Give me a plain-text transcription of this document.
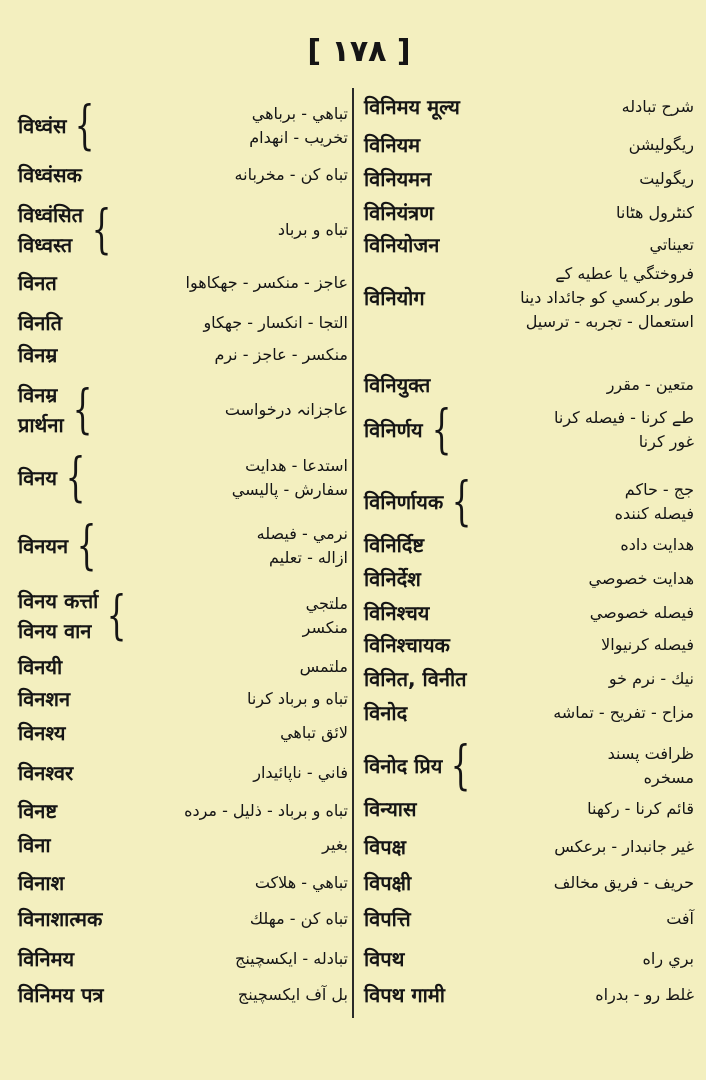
[ ۱۷۸ ]
विध्वंस {	تباهي - برباهي
تخريب - انهدام
विध्वंसक	تباه كن - مخربانه
विध्वंसित
विध्वस्त {	تباه و برباد
विनत	عاجز - منكسر - جهكاهوا
विनति	التجا - انكسار - جهكاو
विनम्र	منكسر - عاجز - نرم
विनम्र
प्रार्थना {	عاجزانہ درخواست
विनय {	استدعا - هدايت
سفارش - پاليسي
विनयन {	نرمي - فيصله
ازاله - تعليم
विनय कर्त्ता
विनय वान {	ملتجي
منكسر
विनयी	ملتمس
विनशन	تباه و برباد كرنا
विनश्य	لائق تباهي
विनश्वर	فاني - ناپائيدار
विनष्ट	تباه و برباد - ذليل - مرده
विना	بغير
विनाश	تباهي - هلاكت
विनाशात्मक	تباه كن - مهلك
विनिमय	تبادله - ايكسچينج
विनिमय पत्र	بل آف ايكسچينج
विनिमय मूल्य	شرح تبادله
विनियम	ريگوليشن
विनियमन	ريگوليت
विनियंत्रण	كنٹرول هٹانا
विनियोजन	تعيناتي
विनियोग
فروختگي يا عطيه كے
طور بركسي كو جائداد دينا
استعمال - تجربه - ترسيل
विनियुक्त	متعين - مقرر
विनिर्णय {	طے كرنا - فيصله كرنا
غور كرنا
विनिर्णायक {	جج - حاكم
فيصله كننده
विनिर्दिष्ट	هدايت داده
विनिर्देश	هدايت خصوصي
विनिश्चय	فيصله خصوصي
विनिश्चायक	فيصله كرنيوالا
विनित, विनीत	نيك - نرم خو
विनोद	مزاح - تفريح - تماشه
विनोद प्रिय {	ظرافت پسند
مسخره
विन्यास	قائم كرنا - ركهنا
विपक्ष	غير جانبدار - برعكس
विपक्षी	حريف - فريق مخالف
विपत्ति	آفت
विपथ	بري راه
विपथ गामी	غلط رو - بدراه
